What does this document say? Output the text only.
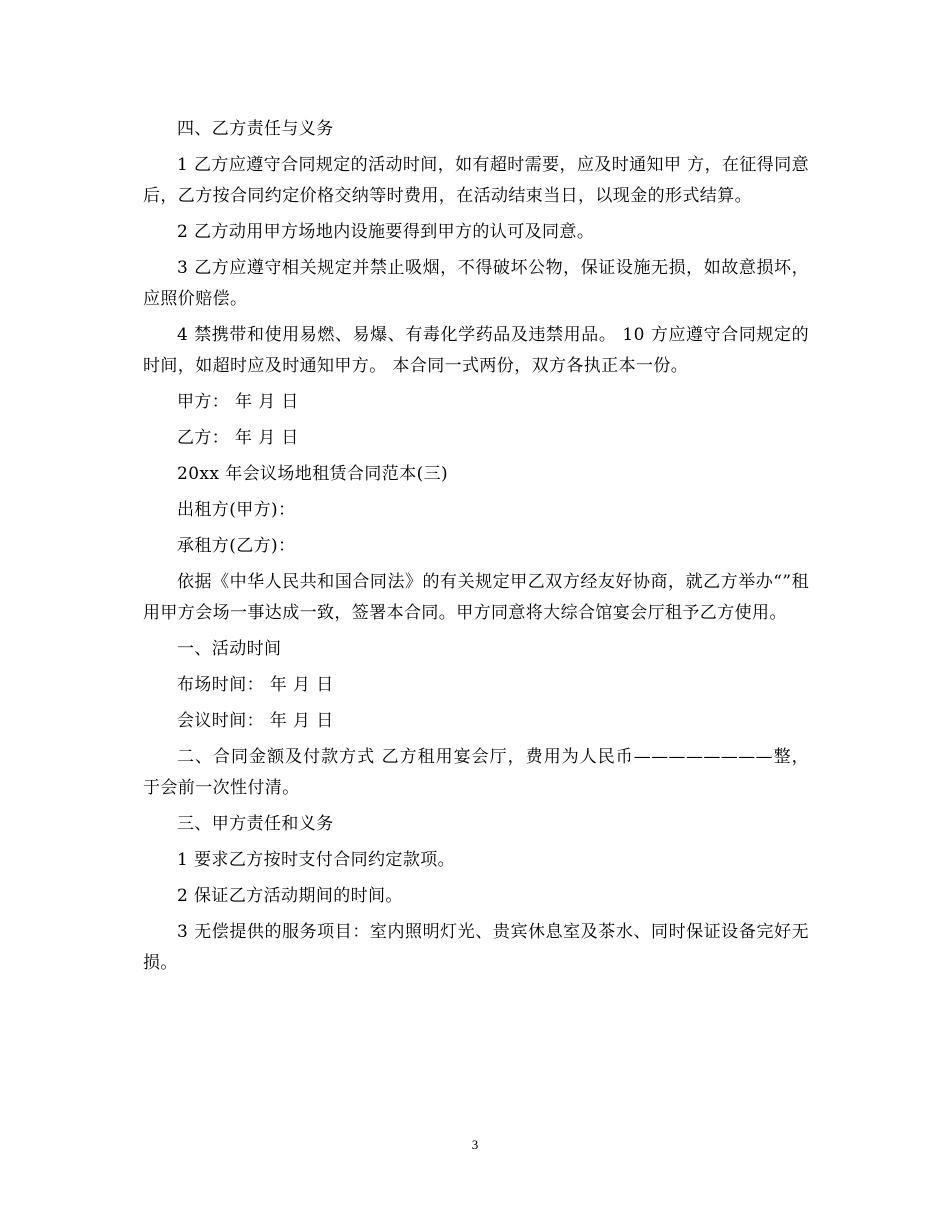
四、乙方责任与义务

1 乙方应遵守合同规定的活动时间，如有超时需要，应及时通知甲 方，在征得同意后，乙方按合同约定价格交纳等时费用，在活动结束当日，以现金的形式结算。

2 乙方动用甲方场地内设施要得到甲方的认可及同意。

3 乙方应遵守相关规定并禁止吸烟，不得破坏公物，保证设施无损，如故意损坏，应照价赔偿。

4 禁携带和使用易燃、易爆、有毒化学药品及违禁用品。 10 方应遵守合同规定的时间，如超时应及时通知甲方。 本合同一式两份，双方各执正本一份。

甲方： 年 月 日

乙方： 年 月 日

20xx 年会议场地租赁合同范本(三)

出租方(甲方)：

承租方(乙方)：

依据《中华人民共和国合同法》的有关规定甲乙双方经友好协商，就乙方举办“”租用甲方会场一事达成一致，签署本合同。甲方同意将大综合馆宴会厅租予乙方使用。

一、活动时间

布场时间： 年 月 日

会议时间： 年 月 日

二、合同金额及付款方式 乙方租用宴会厅，费用为人民币————————整，于会前一次性付清。

三、甲方责任和义务

1 要求乙方按时支付合同约定款项。

2 保证乙方活动期间的时间。

3 无偿提供的服务项目：室内照明灯光、贵宾休息室及茶水、同时保证设备完好无损。

3
